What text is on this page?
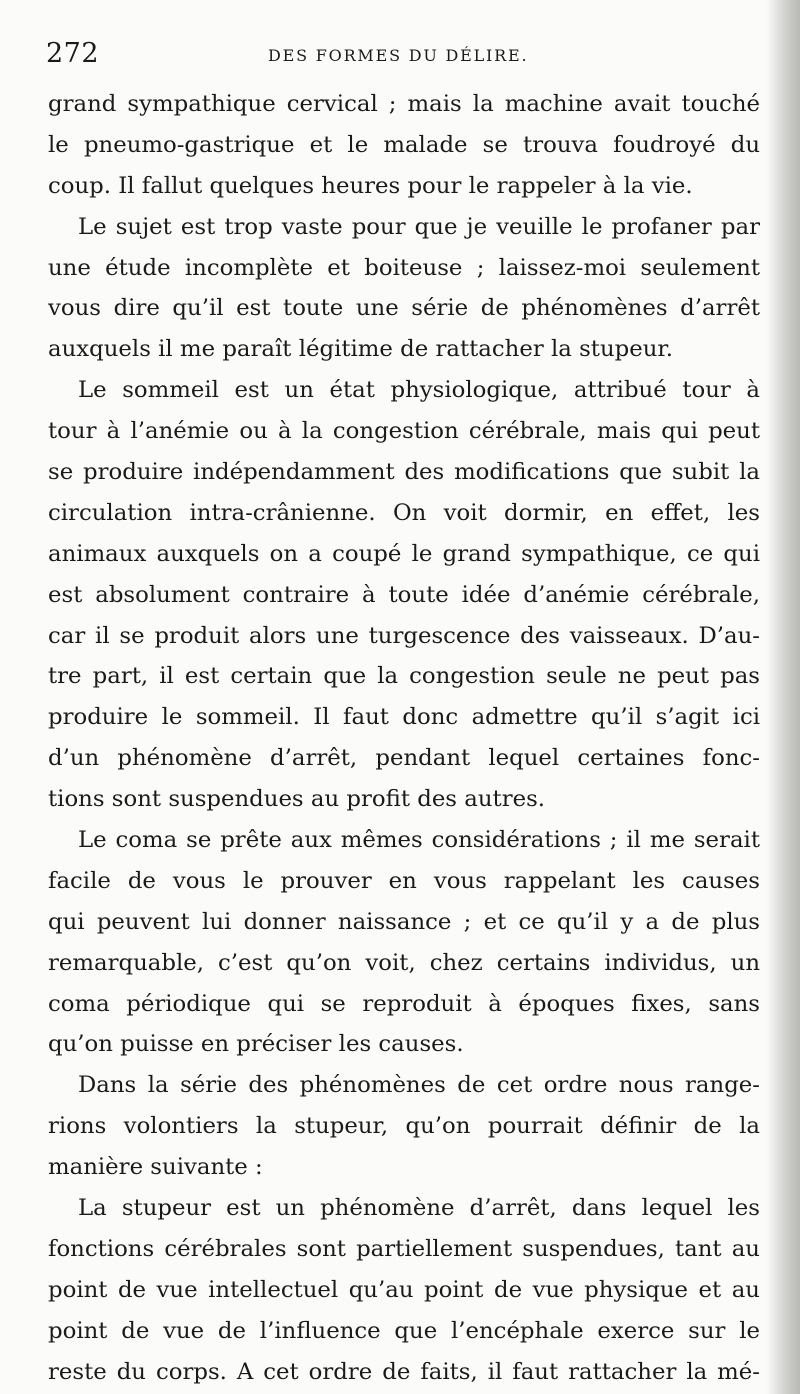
272	DES FORMES DU DÉLIRE.
grand sympathique cervical ; mais la machine avait touché
le pneumo-gastrique et le malade se trouva foudroyé du
coup. Il fallut quelques heures pour le rappeler à la vie.
Le sujet est trop vaste pour que je veuille le profaner par
une étude incomplète et boiteuse ; laissez-moi seulement
vous dire qu’il est toute une série de phénomènes d’arrêt
auxquels il me paraît légitime de rattacher la stupeur.
Le sommeil est un état physiologique, attribué tour à
tour à l’anémie ou à la congestion cérébrale, mais qui peut
se produire indépendamment des modifications que subit la
circulation intra-crânienne. On voit dormir, en effet, les
animaux auxquels on a coupé le grand sympathique, ce qui
est absolument contraire à toute idée d’anémie cérébrale,
car il se produit alors une turgescence des vaisseaux. D’au-
tre part, il est certain que la congestion seule ne peut pas
produire le sommeil. Il faut donc admettre qu’il s’agit ici
d’un phénomène d’arrêt, pendant lequel certaines fonc-
tions sont suspendues au profit des autres.
Le coma se prête aux mêmes considérations ; il me serait
facile de vous le prouver en vous rappelant les causes
qui peuvent lui donner naissance ; et ce qu’il y a de plus
remarquable, c’est qu’on voit, chez certains individus, un
coma périodique qui se reproduit à époques fixes, sans
qu’on puisse en préciser les causes.
Dans la série des phénomènes de cet ordre nous range-
rions volontiers la stupeur, qu’on pourrait définir de la
manière suivante :
La stupeur est un phénomène d’arrêt, dans lequel les
fonctions cérébrales sont partiellement suspendues, tant au
point de vue intellectuel qu’au point de vue physique et au
point de vue de l’influence que l’encéphale exerce sur le
reste du corps. A cet ordre de faits, il faut rattacher la mé-
